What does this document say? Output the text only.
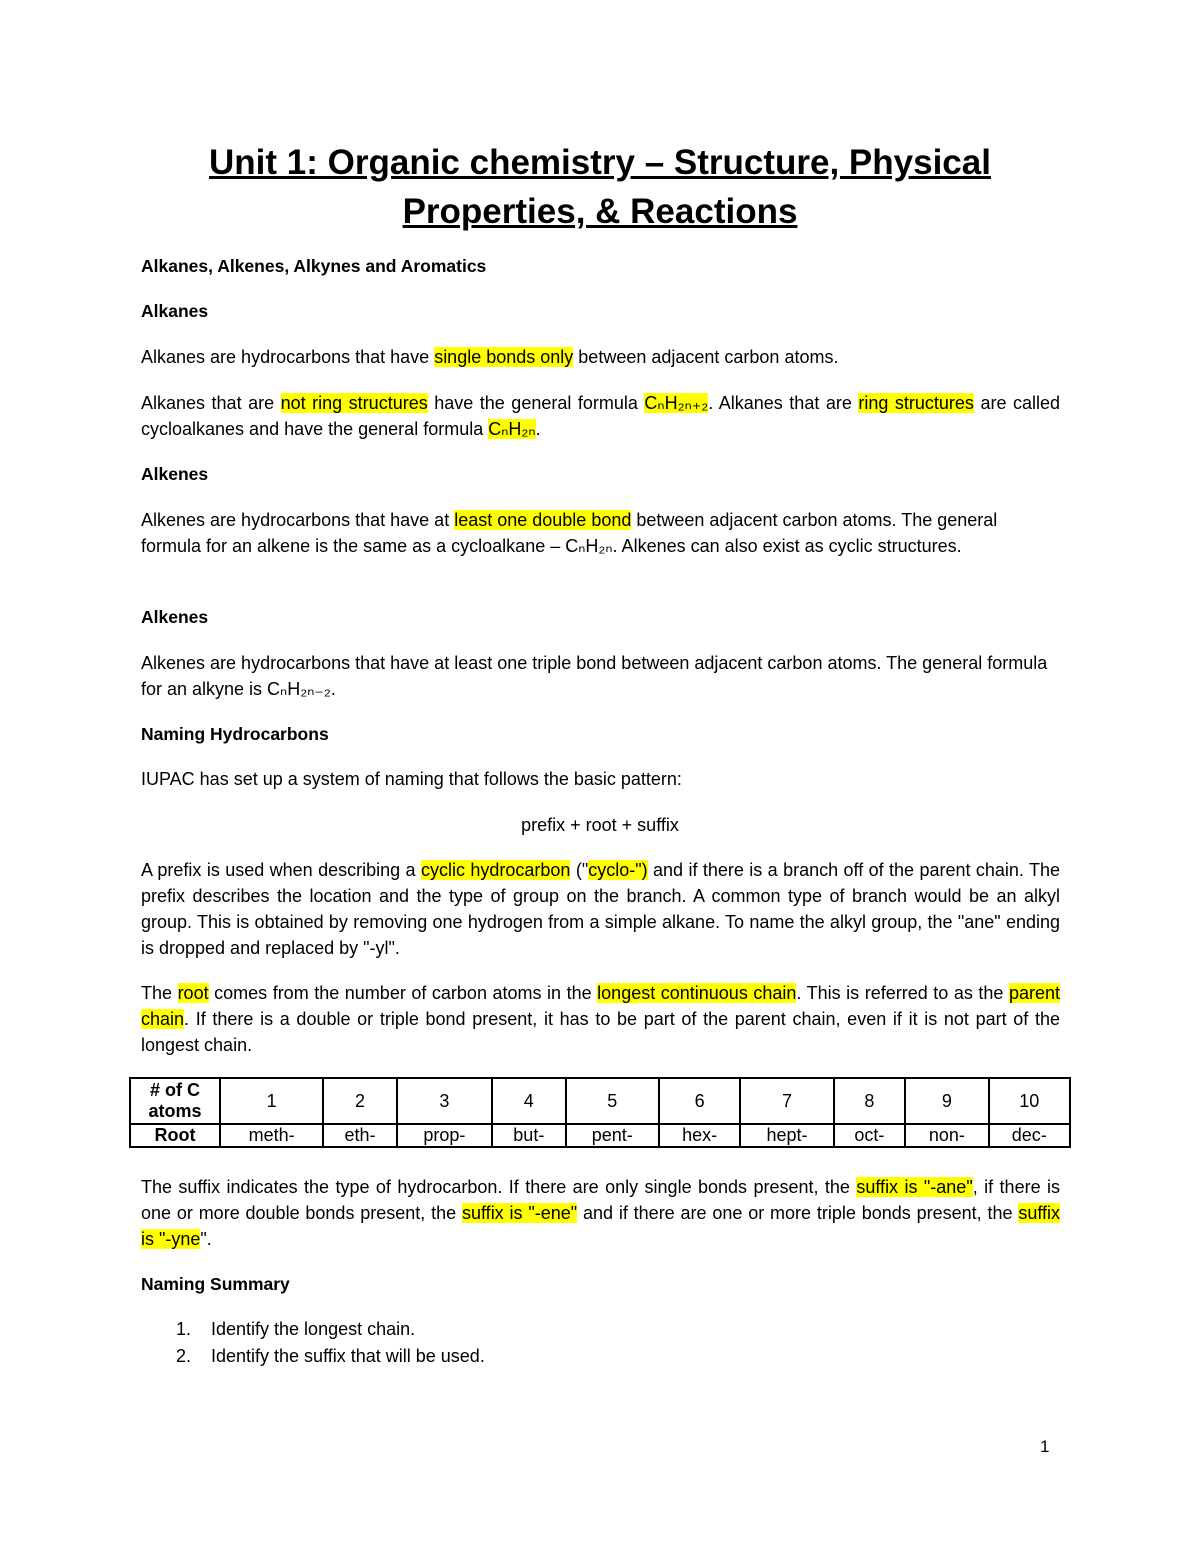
Unit 1: Organic chemistry – Structure, Physical
Properties, & Reactions

Alkanes, Alkenes, Alkynes and Aromatics

Alkanes

Alkanes are hydrocarbons that have single bonds only between adjacent carbon atoms.

Alkanes that are not ring structures have the general formula CₙH₂ₙ₊₂. Alkanes that are ring structures are called cycloalkanes and have the general formula CₙH₂ₙ.

Alkenes

Alkenes are hydrocarbons that have at least one double bond between adjacent carbon atoms. The general formula for an alkene is the same as a cycloalkane – CₙH₂ₙ. Alkenes can also exist as cyclic structures.

Alkenes

Alkenes are hydrocarbons that have at least one triple bond between adjacent carbon atoms. The general formula for an alkyne is CₙH₂ₙ₋₂.

Naming Hydrocarbons

IUPAC has set up a system of naming that follows the basic pattern:

prefix + root + suffix

A prefix is used when describing a cyclic hydrocarbon ("cyclo-") and if there is a branch off of the parent chain. The prefix describes the location and the type of group on the branch. A common type of branch would be an alkyl group. This is obtained by removing one hydrogen from a simple alkane. To name the alkyl group, the "ane" ending is dropped and replaced by "-yl".

The root comes from the number of carbon atoms in the longest continuous chain. This is referred to as the parent chain. If there is a double or triple bond present, it has to be part of the parent chain, even if it is not part of the longest chain.

# of C atoms	1	2	3	4	5	6	7	8	9	10
Root	meth-	eth-	prop-	but-	pent-	hex-	hept-	oct-	non-	dec-

The suffix indicates the type of hydrocarbon. If there are only single bonds present, the suffix is "-ane", if there is one or more double bonds present, the suffix is "-ene" and if there are one or more triple bonds present, the suffix is "-yne".

Naming Summary

1. Identify the longest chain.
2. Identify the suffix that will be used.
1
